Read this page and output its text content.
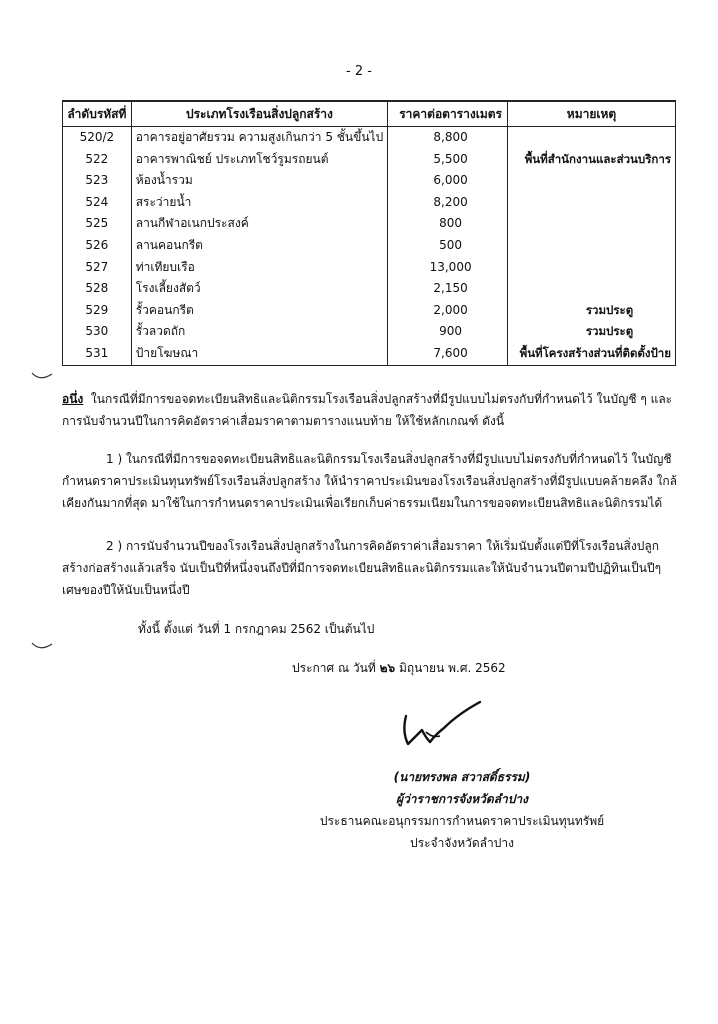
- 2 -
ลำดับรหัสที่	ประเภทโรงเรือนสิ่งปลูกสร้าง	ราคาต่อตารางเมตร	หมายเหตุ
520/2	อาคารอยู่อาศัยรวม ความสูงเกินกว่า 5 ชั้นขึ้นไป	8,800	
522	อาคารพาณิชย์ ประเภทโชว์รูมรถยนต์	5,500	พื้นที่สำนักงานและส่วนบริการ
523	ห้องน้ำรวม	6,000	
524	สระว่ายน้ำ	8,200	
525	ลานกีฬาอเนกประสงค์	800	
526	ลานคอนกรีต	500	
527	ท่าเทียบเรือ	13,000	
528	โรงเลี้ยงสัตว์	2,150	
529	รั้วคอนกรีต	2,000	รวมประตู
530	รั้วลวดถัก	900	รวมประตู
531	ป้ายโฆษณา	7,600	พื้นที่โครงสร้างส่วนที่ติดตั้งป้าย
อนึ่ง ในกรณีที่มีการขอจดทะเบียนสิทธิและนิติกรรมโรงเรือนสิ่งปลูกสร้างที่มีรูปแบบไม่ตรงกับที่กำหนดไว้ ในบัญชี ๆ และการนับจำนวนปีในการคิดอัตราค่าเสื่อมราคาตามตารางแนบท้าย ให้ใช้หลักเกณฑ์ ดังนี้
1 ) ในกรณีที่มีการขอจดทะเบียนสิทธิและนิติกรรมโรงเรือนสิ่งปลูกสร้างที่มีรูปแบบไม่ตรงกับที่กำหนดไว้ ในบัญชีกำหนดราคาประเมินทุนทรัพย์โรงเรือนสิ่งปลูกสร้าง ให้นำราคาประเมินของโรงเรือนสิ่งปลูกสร้างที่มีรูปแบบคล้ายคลึง ใกล้เคียงกันมากที่สุด มาใช้ในการกำหนดราคาประเมินเพื่อเรียกเก็บค่าธรรมเนียมในการขอจดทะเบียนสิทธิและนิติกรรมได้
2 ) การนับจำนวนปีของโรงเรือนสิ่งปลูกสร้างในการคิดอัตราค่าเสื่อมราคา ให้เริ่มนับตั้งแต่ปีที่โรงเรือนสิ่งปลูกสร้างก่อสร้างแล้วเสร็จ นับเป็นปีที่หนึ่งจนถึงปีที่มีการจดทะเบียนสิทธิและนิติกรรมและให้นับจำนวนปีตามปีปฏิทินเป็นปีๆ เศษของปีให้นับเป็นหนึ่งปี
ทั้งนี้ ตั้งแต่ วันที่ 1 กรกฎาคม 2562 เป็นต้นไป
ประกาศ ณ วันที่ ๒๖ มิถุนายน พ.ศ. 2562
(นายทรงพล สวาสดิ์ธรรม)
ผู้ว่าราชการจังหวัดลำปาง
ประธานคณะอนุกรรมการกำหนดราคาประเมินทุนทรัพย์
ประจำจังหวัดลำปาง
